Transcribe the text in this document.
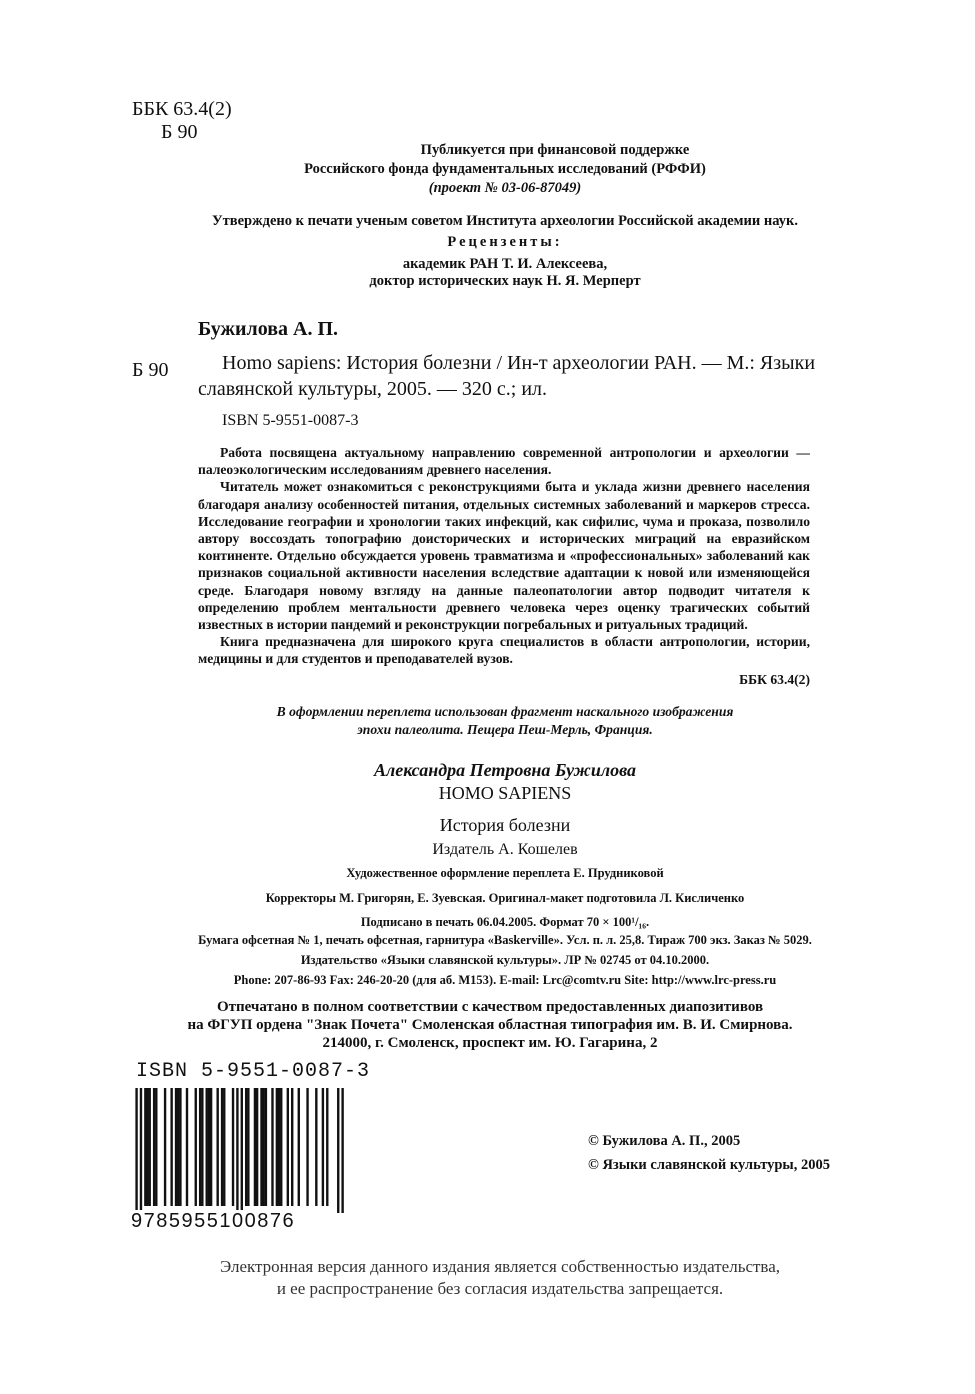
ББК 63.4(2)
Б 90
Публикуется при финансовой поддержке
Российского фонда фундаментальных исследований (РФФИ)
(проект № 03-06-87049)
Утверждено к печати ученым советом Института археологии Российской академии наук.
Рецензенты:
академик РАН Т. И. Алексеева,
доктор исторических наук Н. Я. Мерперт
Бужилова А. П.
Б 90	Homo sapiens: История болезни / Ин-т археологии РАН. — М.: Языки
славянской культуры, 2005. — 320 с.; ил.
ISBN 5-9551-0087-3

Работа посвящена актуальному направлению современной антропологии и археологии — палеоэкологическим исследованиям древнего населения.

Читатель может ознакомиться с реконструкциями быта и уклада жизни древнего населения благодаря анализу особенностей питания, отдельных системных заболеваний и маркеров стресса. Исследование географии и хронологии таких инфекций, как сифилис, чума и проказа, позволило автору воссоздать топографию доисторических и исторических миграций на евразийском континенте. Отдельно обсуждается уровень травматизма и «профессиональных» заболеваний как признаков социальной активности населения вследствие адаптации к новой или изменяющейся среде. Благодаря новому взгляду на данные палеопатологии автор подводит читателя к определению проблем ментальности древнего человека через оценку трагических событий известных в истории пандемий и реконструкции погребальных и ритуальных традиций.

Книга предназначена для широкого круга специалистов в области антропологии, истории, медицины и для студентов и преподавателей вузов.

ББК 63.4(2)
В оформлении переплета использован фрагмент наскального изображения
эпохи палеолита. Пещера Пеш-Мерль, Франция.
Александра Петровна Бужилова
HOMO SAPIENS
История болезни
Издатель А. Кошелев
Художественное оформление переплета Е. Прудниковой
Корректоры М. Григорян, Е. Зуевская. Оригинал-макет подготовила Л. Кисличенко
Подписано в печать 06.04.2005. Формат 70 × 100¹/₁₆.
Бумага офсетная № 1, печать офсетная, гарнитура «Baskerville». Усл. п. л. 25,8. Тираж 700 экз. Заказ № 5029.
Издательство «Языки славянской культуры». ЛР № 02745 от 04.10.2000.
Phone: 207-86-93 Fax: 246-20-20 (для аб. M153). E-mail: Lrc@comtv.ru Site: http://www.lrc-press.ru
Отпечатано в полном соответствии с качеством предоставленных диапозитивов
на ФГУП ордена "Знак Почета" Смоленская областная типография им. В. И. Смирнова.
214000, г. Смоленск, проспект им. Ю. Гагарина, 2
ISBN 5-9551-0087-3
9785955100876
© Бужилова А. П., 2005
© Языки славянской культуры, 2005
Электронная версия данного издания является собственностью издательства,
и ее распространение без согласия издательства запрещается.
